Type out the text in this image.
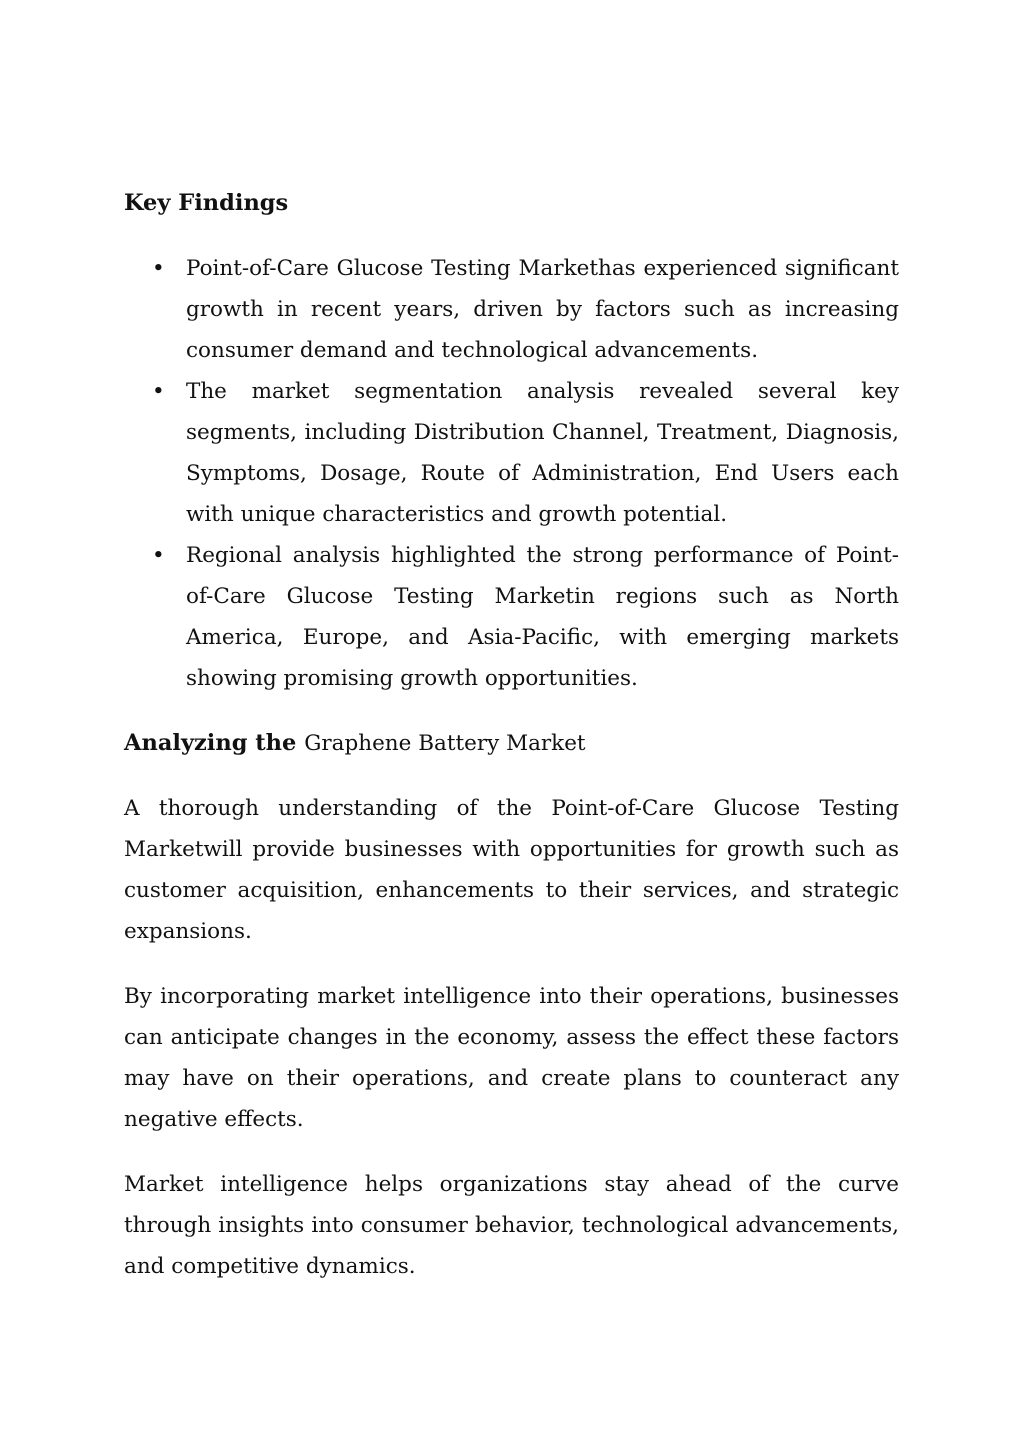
Key Findings
• Point-of-Care Glucose Testing Markethas experienced significant growth in recent years, driven by factors such as increasing consumer demand and technological advancements.

• The market segmentation analysis revealed several key segments, including Distribution Channel, Treatment, Diagnosis, Symptoms, Dosage, Route of Administration, End Users each with unique characteristics and growth potential.

• Regional analysis highlighted the strong performance of Point-of-Care Glucose Testing Marketin regions such as North America, Europe, and Asia-Pacific, with emerging markets showing promising growth opportunities.

Analyzing the Graphene Battery Market

A thorough understanding of the Point-of-Care Glucose Testing Marketwill provide businesses with opportunities for growth such as customer acquisition, enhancements to their services, and strategic expansions.

By incorporating market intelligence into their operations, businesses can anticipate changes in the economy, assess the effect these factors may have on their operations, and create plans to counteract any negative effects.

Market intelligence helps organizations stay ahead of the curve through insights into consumer behavior, technological advancements, and competitive dynamics.
